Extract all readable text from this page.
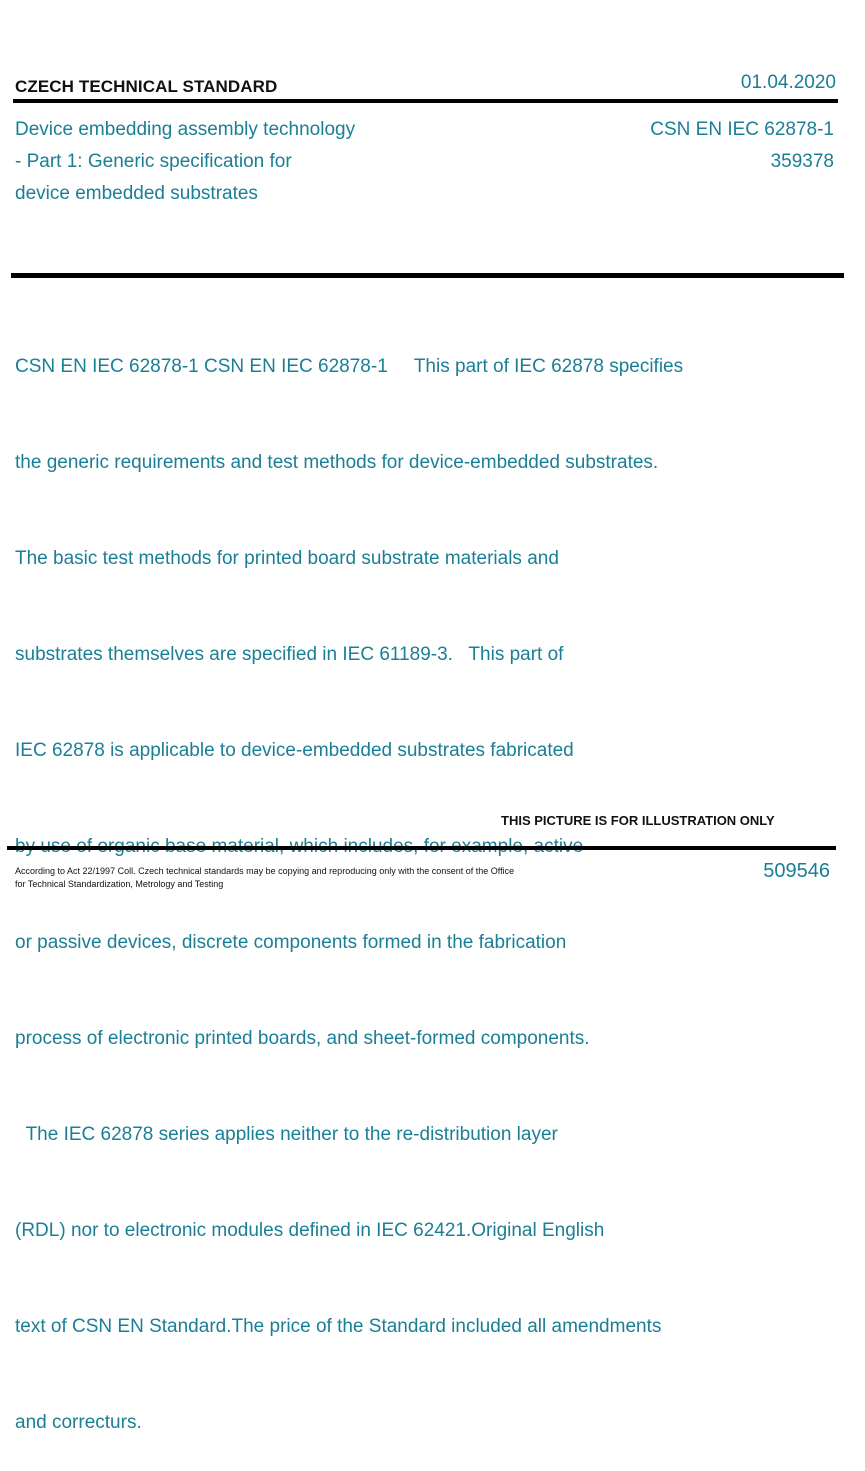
CZECH TECHNICAL STANDARD	01.04.2020
Device embedding assembly technology
- Part 1: Generic specification for
device embedded substrates
CSN EN IEC 62878-1
359378

CSN EN IEC 62878-1 CSN EN IEC 62878-1     This part of IEC 62878 specifies

the generic requirements and test methods for device-embedded substrates.

The basic test methods for printed board substrate materials and

substrates themselves are specified in IEC 61189-3.   This part of

IEC 62878 is applicable to device-embedded substrates fabricated

or passive devices, discrete components formed in the fabrication

process of electronic printed boards, and sheet-formed components.

The IEC 62878 series applies neither to the re-distribution layer

(RDL) nor to electronic modules defined in IEC 62421.Original English

text of CSN EN Standard.The price of the Standard included all amendments

and correcturs.

THIS PICTURE IS FOR ILLUSTRATION ONLY
According to Act 22/1997 Coll. Czech technical standards may be copying and reproducing only with the consent of the Office
for Technical Standardization, Metrology and Testing
509546
